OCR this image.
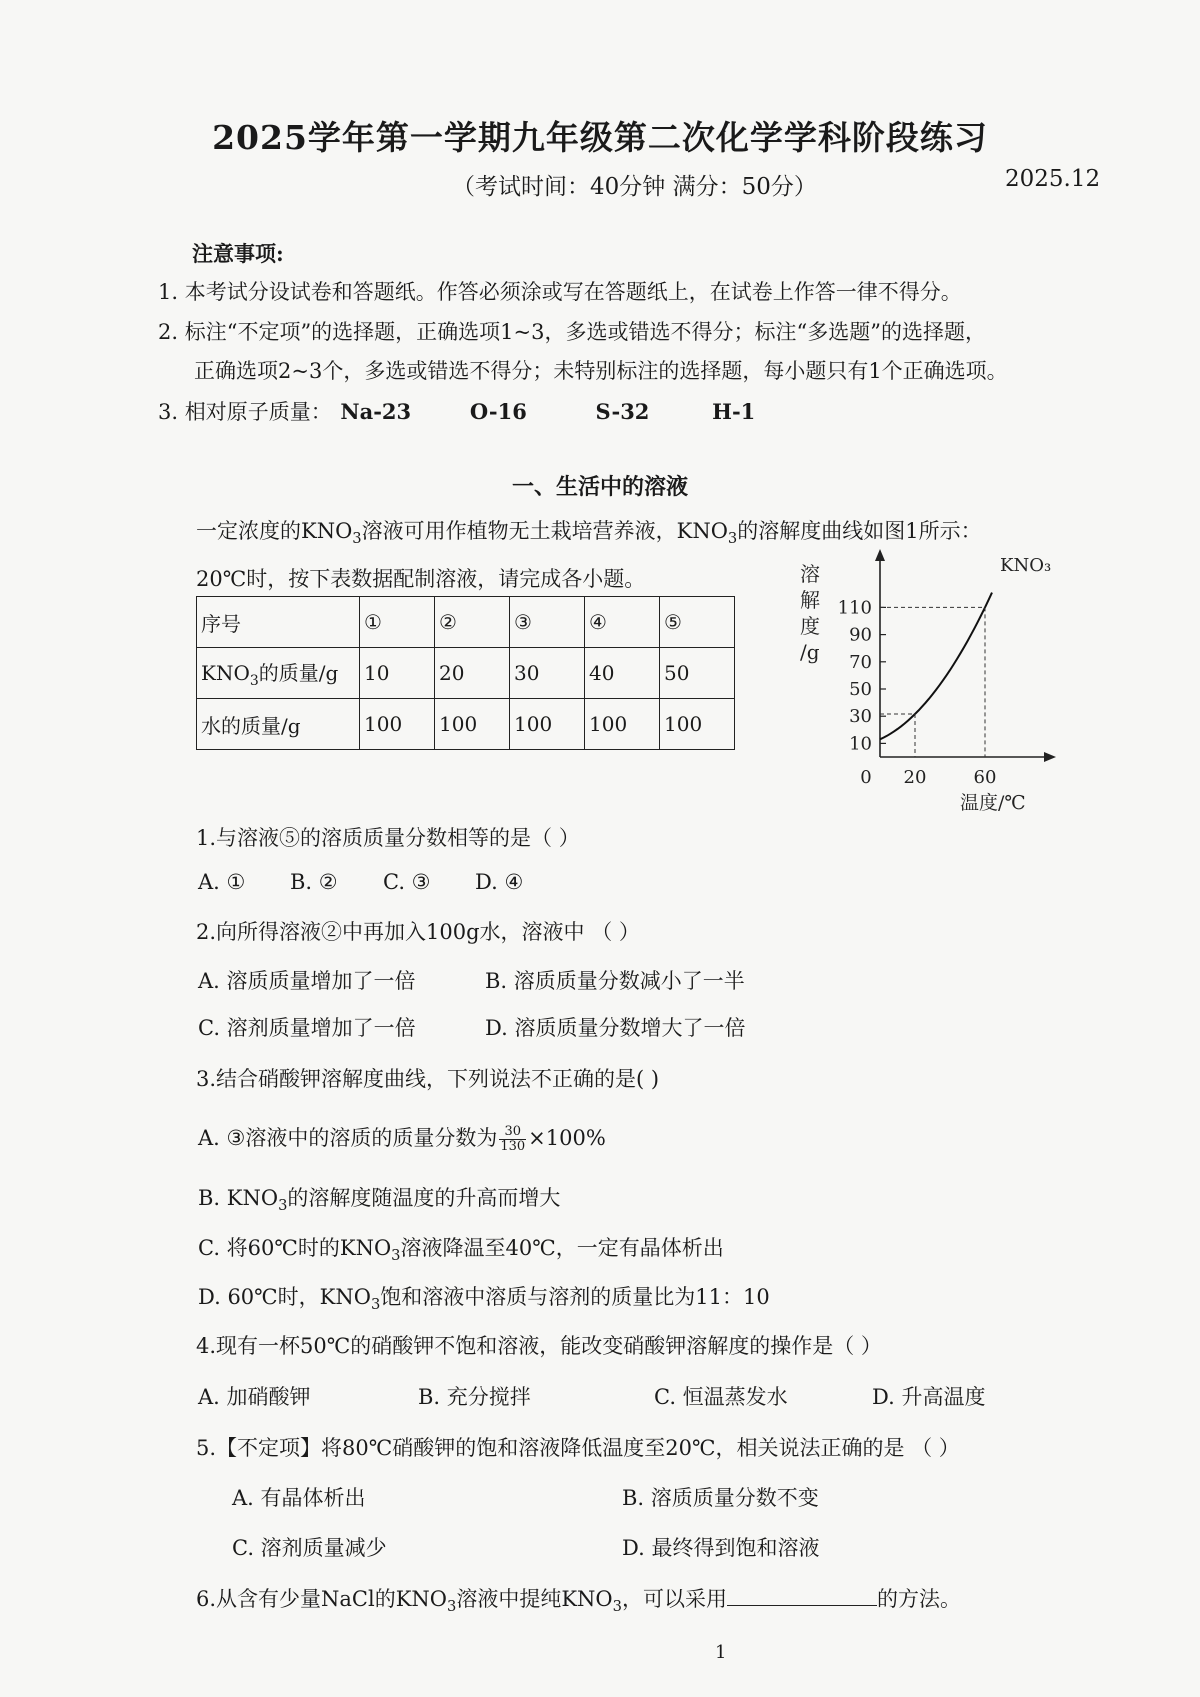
2025学年第一学期九年级第二次化学学科阶段练习
（考试时间：40分钟 满分：50分）	2025.12
注意事项:
1. 本考试分设试卷和答题纸。作答必须涂或写在答题纸上，在试卷上作答一律不得分。
2. 标注“不定项”的选择题，正确选项1~3，多选或错选不得分；标注“多选题”的选择题，
正确选项2~3个，多选或错选不得分；未特别标注的选择题，每小题只有1个正确选项。
3. 相对原子质量： Na-23	O-16	S-32	H-1
一、生活中的溶液
一定浓度的$KNO_3$溶液可用作植物无土栽培营养液，$KNO_3$的溶解度曲线如图1所示：
20℃时，按下表数据配制溶液，请完成各小题。
序号	①	②	③	④	⑤
$KNO_3$的质量/g	10	20	30	40	50
水的质量/g	100	100	100	100	100
10
30
50
70
90
110
0 20	60
KNO₃
溶
解
度
/g
温度/℃
1.与溶液⑤的溶质质量分数相等的是（ ）
A. ① B. ② C. ③ D. ④
2.向所得溶液②中再加入100g水，溶液中 （ ）
A. 溶质质量增加了一倍	B. 溶质质量分数减小了一半
C. 溶剂质量增加了一倍	D. 溶质质量分数增大了一倍
3.结合硝酸钾溶解度曲线，下列说法不正确的是( )
A. ③溶液中的溶质的质量分数为 $\frac{30}{130} \times 100\%$
B. $KNO_3$的溶解度随温度的升高而增大
C. 将60℃时的$KNO_3$溶液降温至40℃，一定有晶体析出
D. 60℃时，$KNO_3$饱和溶液中溶质与溶剂的质量比为11：10
4.现有一杯50℃的硝酸钾不饱和溶液，能改变硝酸钾溶解度的操作是（ ）
A. 加硝酸钾	B. 充分搅拌	C. 恒温蒸发水	D. 升高温度
5.【不定项】将80℃硝酸钾的饱和溶液降低温度至20℃，相关说法正确的是 （ ）
A. 有晶体析出	B. 溶质质量分数不变
C. 溶剂质量减少	D. 最终得到饱和溶液
6.从含有少量NaCl的$KNO_3$溶液中提纯$KNO_3$，可以采用	的方法。
1
